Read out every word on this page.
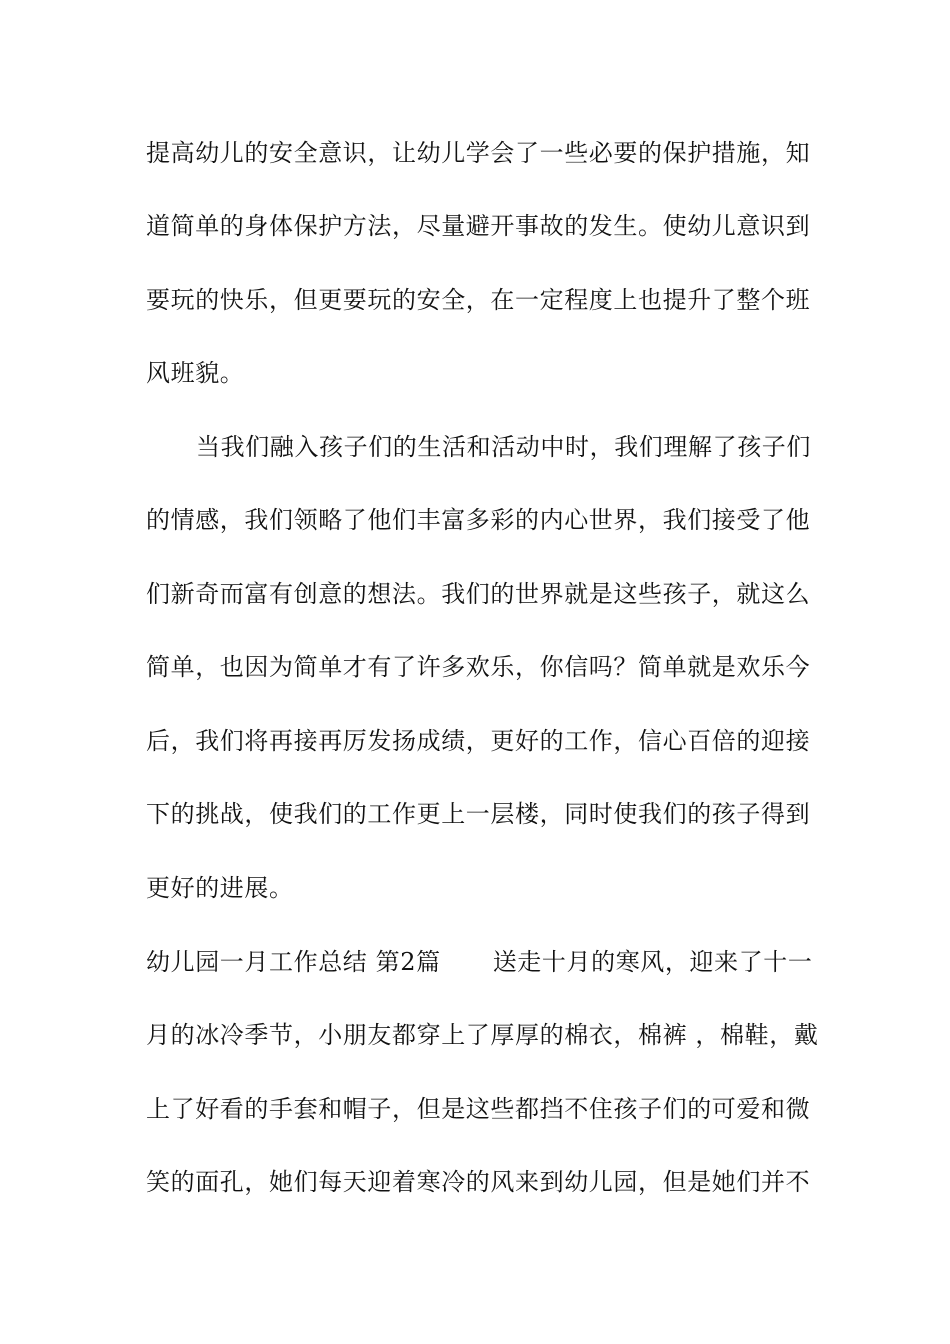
提高幼儿的安全意识，让幼儿学会了一些必要的保护措施，知
道简单的身体保护方法，尽量避开事故的发生。使幼儿意识到
要玩的快乐，但更要玩的安全，在一定程度上也提升了整个班
风班貌。
当我们融入孩子们的生活和活动中时，我们理解了孩子们
的情感，我们领略了他们丰富多彩的内心世界，我们接受了他
们新奇而富有创意的想法。我们的世界就是这些孩子，就这么
简单，也因为简单才有了许多欢乐，你信吗？简单就是欢乐今
后，我们将再接再厉发扬成绩，更好的工作，信心百倍的迎接
下的挑战，使我们的工作更上一层楼，同时使我们的孩子得到
更好的进展。
幼儿园一月工作总结 第2篇 送走十月的寒风，迎来了十一
月的冰冷季节，小朋友都穿上了厚厚的棉衣，棉裤 ，棉鞋，戴
上了好看的手套和帽子，但是这些都挡不住孩子们的可爱和微
笑的面孔，她们每天迎着寒冷的风来到幼儿园，但是她们并不
